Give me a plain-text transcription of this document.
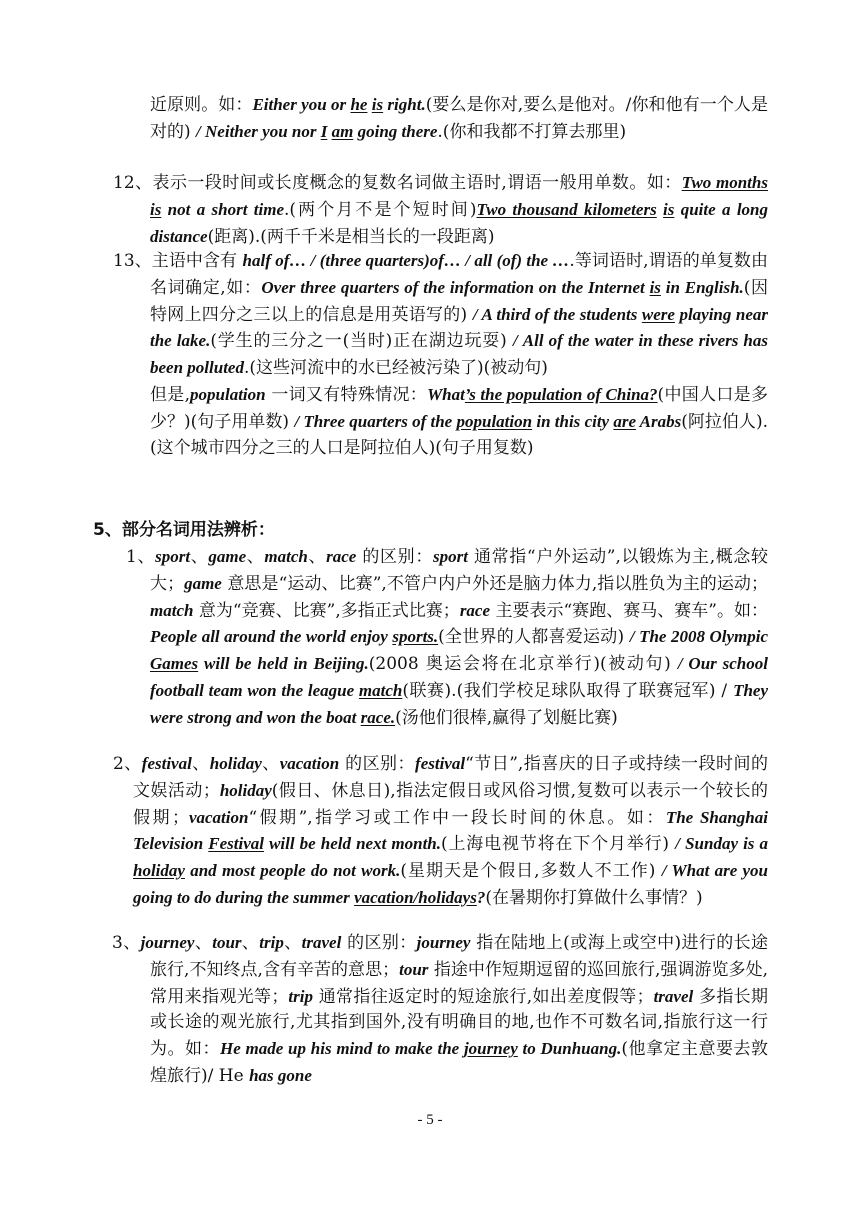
近原则。如：Either you or he is right.(要么是你对,要么是他对。/你和他有一个人是对的) / Neither you nor I am going there.(你和我都不打算去那里)

12、表示一段时间或长度概念的复数名词做主语时,谓语一般用单数。如：Two months is not a short time.(两个月不是个短时间)Two thousand kilometers is quite a long distance(距离).(两千千米是相当长的一段距离)

13、主语中含有 half of… / (three quarters)of… / all (of) the ….等词语时,谓语的单复数由名词确定,如：Over three quarters of the information on the Internet is in English.(因特网上四分之三以上的信息是用英语写的) / A third of the students were playing near the lake.(学生的三分之一(当时)正在湖边玩耍) / All of the water in these rivers has been polluted.(这些河流中的水已经被污染了)(被动句)

但是,population 一词又有特殊情况：What’s the population of China?(中国人口是多少？)(句子用单数) / Three quarters of the population in this city are Arabs(阿拉伯人).(这个城市四分之三的人口是阿拉伯人)(句子用复数)

5、部分名词用法辨析：

1、sport、game、match、race 的区别：sport 通常指“户外运动”,以锻炼为主,概念较大；game 意思是“运动、比赛”,不管户内户外还是脑力体力,指以胜负为主的运动；match 意为“竞赛、比赛”,多指正式比赛；race 主要表示“赛跑、赛马、赛车”。如：People all around the world enjoy sports.(全世界的人都喜爱运动) / The 2008 Olympic Games will be held in Beijing.(2008 奥运会将在北京举行)(被动句) / Our school football team won the league match(联赛).(我们学校足球队取得了联赛冠军) / They were strong and won the boat race.(汤他们很棒,赢得了划艇比赛)

2、festival、holiday、vacation 的区别：festival“节日”,指喜庆的日子或持续一段时间的文娱活动；holiday(假日、休息日),指法定假日或风俗习惯,复数可以表示一个较长的假期；vacation“假期”,指学习或工作中一段长时间的休息。如：The Shanghai Television Festival will be held next month.(上海电视节将在下个月举行) / Sunday is a holiday and most people do not work.(星期天是个假日,多数人不工作) / What are you going to do during the summer vacation/holidays?(在暑期你打算做什么事情？)

3、journey、tour、trip、travel 的区别：journey 指在陆地上(或海上或空中)进行的长途旅行,不知终点,含有辛苦的意思；tour 指途中作短期逗留的巡回旅行,强调游览多处,常用来指观光等；trip 通常指往返定时的短途旅行,如出差度假等；travel 多指长期或长途的观光旅行,尤其指到国外,没有明确目的地,也作不可数名词,指旅行这一行为。如：He made up his mind to make the journey to Dunhuang.(他拿定主意要去敦煌旅行)/ He has gone

- 5 -
